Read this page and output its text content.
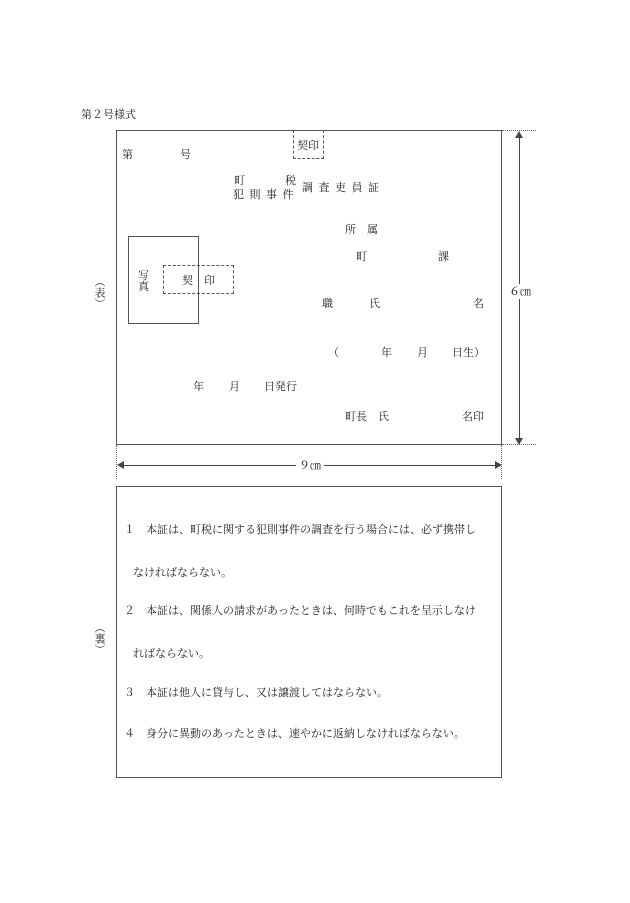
第２号様式
（表）
第	号
契印
町	税
犯 則 事 件
調 査 吏 員 証
写
真	契　印
所　属
町	課
職	氏	名
（	年 月 日生）
年 月 日発行
町長　氏	名印
６㎝
９㎝
（裏）
１　本証は、町税に関する犯則事件の調査を行う場合には、必ず携帯し
なければならない。
２　本証は、関係人の請求があったときは、何時でもこれを呈示しなけ
ればならない。
３　本証は他人に貸与し、又は譲渡してはならない。
４　身分に異動のあったときは、速やかに返納しなければならない。
